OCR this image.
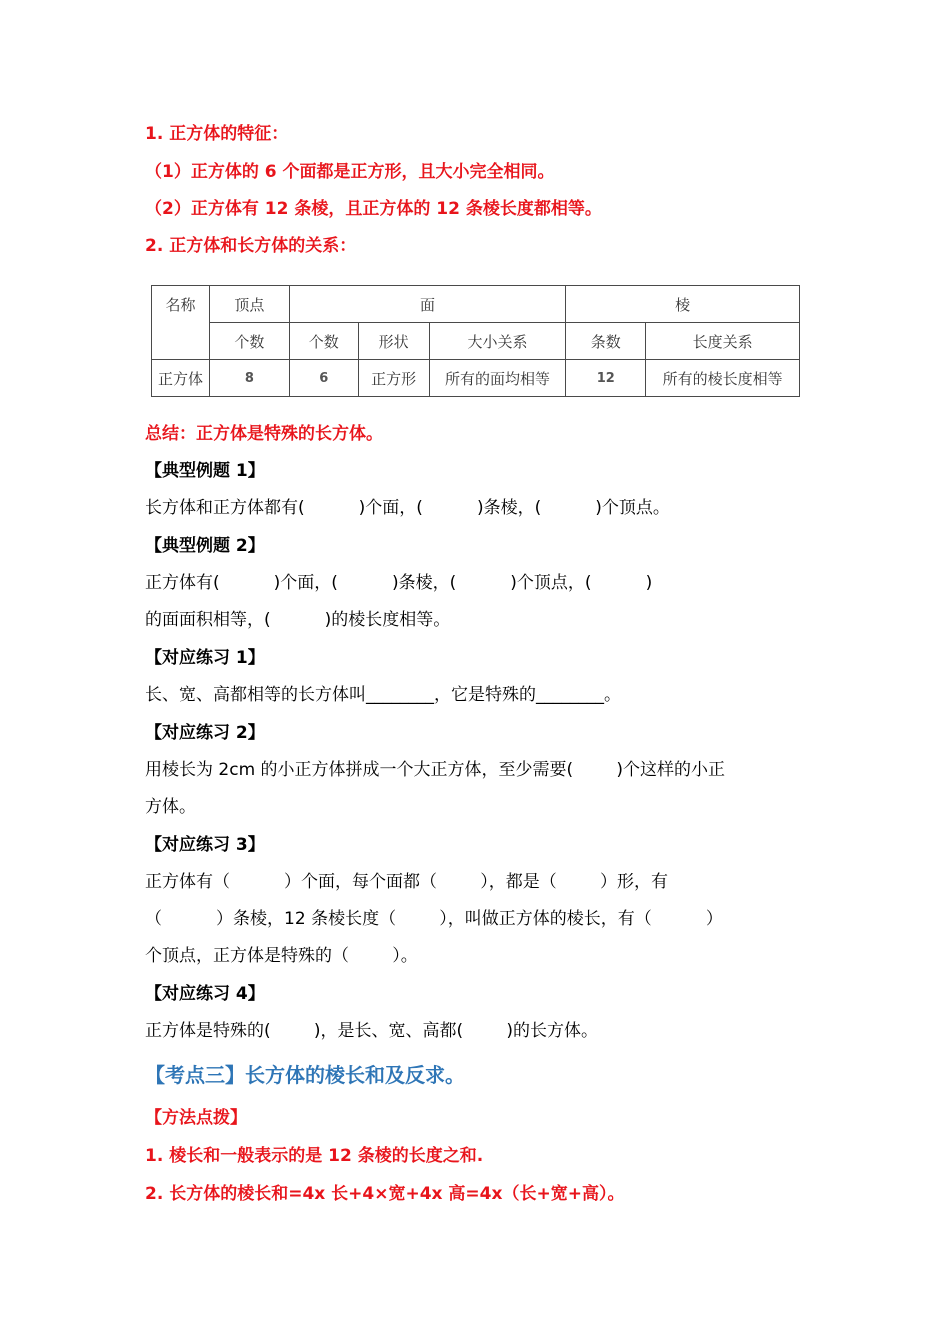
1. 正方体的特征：
（1）正方体的 6 个面都是正方形，且大小完全相同。
（2）正方体有 12 条棱，且正方体的 12 条棱长度都相等。
2. 正方体和长方体的关系：
名称	顶点	面			棱	
	个数	个数	形状	大小关系	条数	长度关系
正方体	8	6	正方形	所有的面均相等	12	所有的棱长度相等
总结：正方体是特殊的长方体。
【典型例题 1】
长方体和正方体都有(          )个面，(          )条棱，(          )个顶点。
【典型例题 2】
正方体有(          )个面，(          )条棱，(          )个顶点，(          )
的面面积相等，(          )的棱长度相等。
【对应练习 1】
长、宽、高都相等的长方体叫________，它是特殊的________。
【对应练习 2】
用棱长为 2cm 的小正方体拼成一个大正方体，至少需要(        )个这样的小正
方体。
【对应练习 3】
正方体有（          ）个面，每个面都（        ），都是（        ）形，有
（          ）条棱，12 条棱长度（        ），叫做正方体的棱长，有（          ）
个顶点，正方体是特殊的（        ）。
【对应练习 4】
正方体是特殊的(        )，是长、宽、高都(        )的长方体。
【考点三】长方体的棱长和及反求。
【方法点拨】
1. 棱长和一般表示的是 12 条棱的长度之和.
2. 长方体的棱长和=4x 长+4×宽+4x 高=4x（长+宽+高）。
